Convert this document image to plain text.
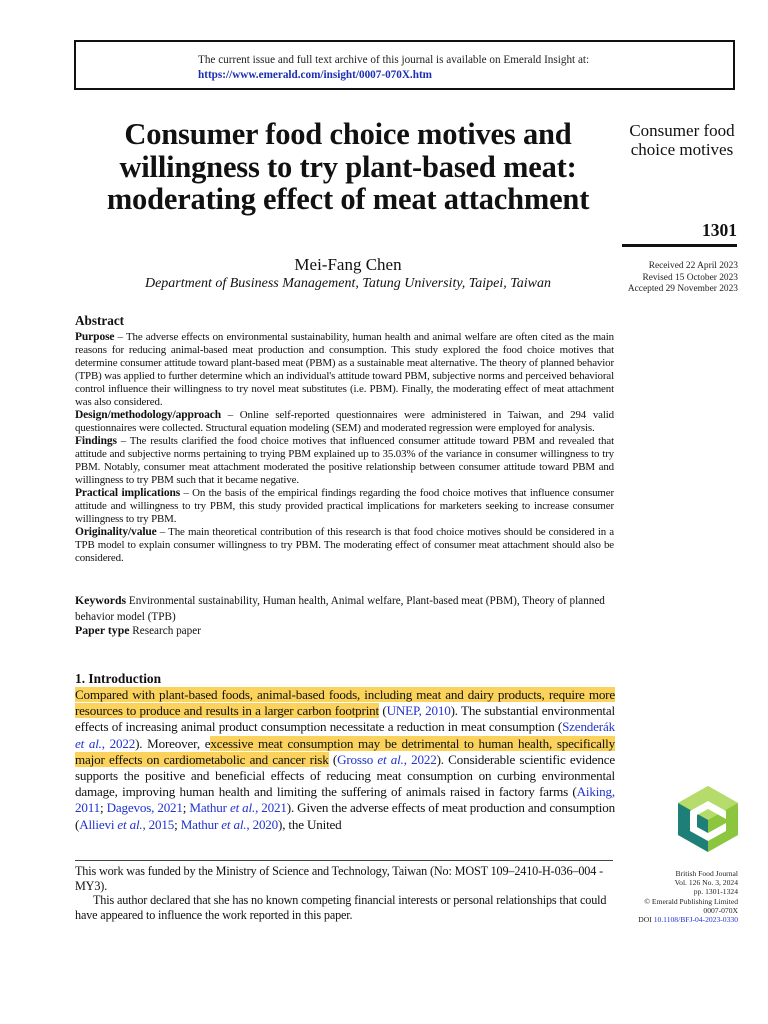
The current issue and full text archive of this journal is available on Emerald Insight at:
https://www.emerald.com/insight/0007-070X.htm
Consumer food choice motives and willingness to try plant-based meat: moderating effect of meat attachment
Consumer food choice motives
1301
Received 22 April 2023
Revised 15 October 2023
Accepted 29 November 2023
Mei-Fang Chen
Department of Business Management, Tatung University, Taipei, Taiwan
Abstract

Purpose – The adverse effects on environmental sustainability, human health and animal welfare are often cited as the main reasons for reducing animal-based meat production and consumption. This study explored the food choice motives that determine consumer attitude toward plant-based meat (PBM) as a sustainable meat alternative. The theory of planned behavior (TPB) was applied to further determine which an individual's attitude toward PBM, subjective norms and perceived behavioral control influence their willingness to try novel meat substitutes (i.e. PBM). Finally, the moderating effect of meat attachment was also considered.

Design/methodology/approach – Online self-reported questionnaires were administered in Taiwan, and 294 valid questionnaires were collected. Structural equation modeling (SEM) and moderated regression were employed for analysis.

Findings – The results clarified the food choice motives that influenced consumer attitude toward PBM and revealed that attitude and subjective norms pertaining to trying PBM explained up to 35.03% of the variance in consumer willingness to try PBM. Notably, consumer meat attachment moderated the positive relationship between consumer attitude toward PBM and willingness to try PBM such that it became negative.

Practical implications – On the basis of the empirical findings regarding the food choice motives that influence consumer attitude and willingness to try PBM, this study provided practical implications for marketers seeking to increase consumer willingness to try PBM.

Originality/value – The main theoretical contribution of this research is that food choice motives should be considered in a TPB model to explain consumer willingness to try PBM. The moderating effect of consumer meat attachment should also be considered.

Keywords Environmental sustainability, Human health, Animal welfare, Plant-based meat (PBM), Theory of planned behavior model (TPB)
Paper type Research paper
1. Introduction
Compared with plant-based foods, animal-based foods, including meat and dairy products, require more resources to produce and results in a larger carbon footprint (UNEP, 2010). The substantial environmental effects of increasing animal product consumption necessitate a reduction in meat consumption (Szenderák et al., 2022). Moreover, excessive meat consumption may be detrimental to human health, specifically major effects on cardiometabolic and cancer risk (Grosso et al., 2022). Considerable scientific evidence supports the positive and beneficial effects of reducing meat consumption on curbing environmental damage, improving human health and limiting the suffering of animals raised in factory farms (Aiking, 2011; Dagevos, 2021; Mathur et al., 2021). Given the adverse effects of meat production and consumption (Allievi et al., 2015; Mathur et al., 2020), the United

This work was funded by the Ministry of Science and Technology, Taiwan (No: MOST 109–2410-H-036–004 -MY3).

This author declared that she has no known competing financial interests or personal relationships that could have appeared to influence the work reported in this paper.

British Food Journal
Vol. 126 No. 3, 2024
pp. 1301-1324
© Emerald Publishing Limited
0007-070X
DOI 10.1108/BFJ-04-2023-0330
